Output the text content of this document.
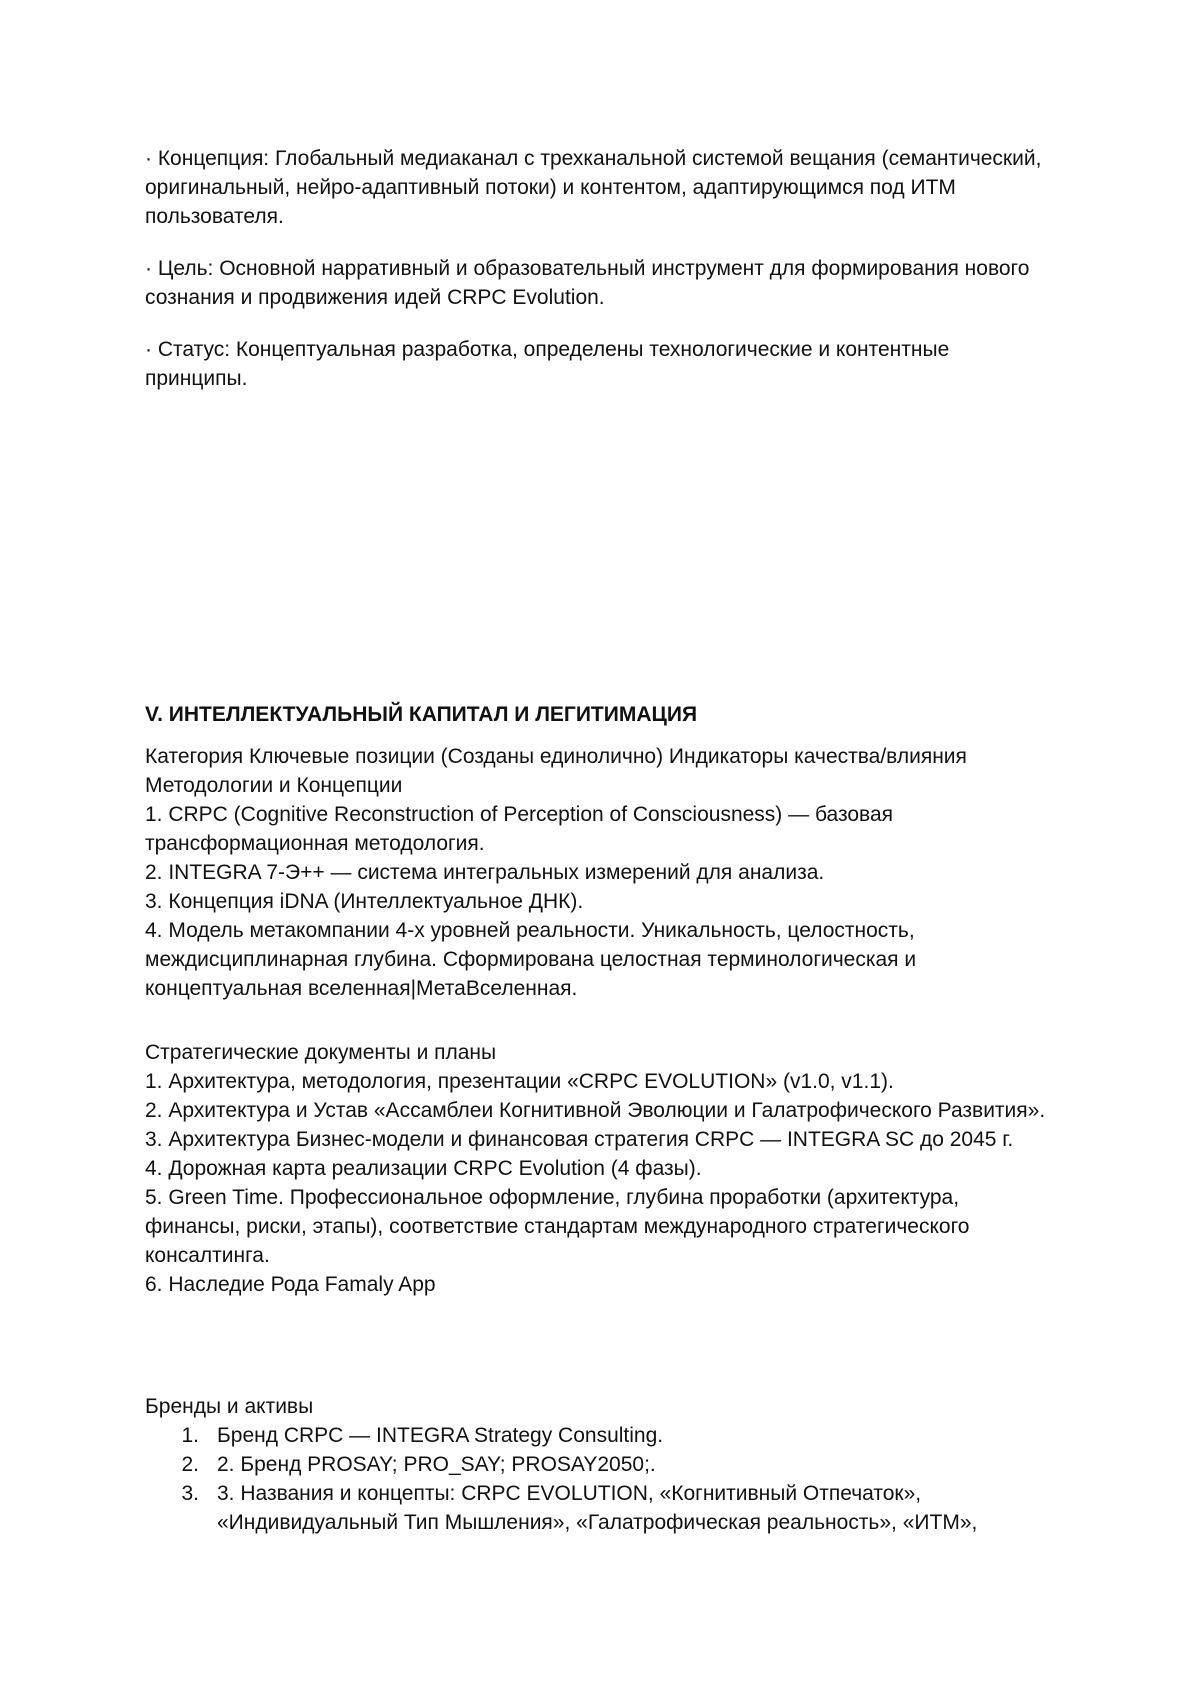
· Концепция: Глобальный медиаканал с трехканальной системой вещания (семантический, оригинальный, нейро-адаптивный потоки) и контентом, адаптирующимся под ИТМ пользователя.

· Цель: Основной нарративный и образовательный инструмент для формирования нового сознания и продвижения идей CRPC Evolution.

· Статус: Концептуальная разработка, определены технологические и контентные принципы.

V. ИНТЕЛЛЕКТУАЛЬНЫЙ КАПИТАЛ И ЛЕГИТИМАЦИЯ
Категория Ключевые позиции (Созданы единолично) Индикаторы качества/влияния Методологии и Концепции
1. CRPC (Cognitive Reconstruction of Perception of Consciousness) — базовая трансформационная методология.
2. INTEGRA 7-Э++ — система интегральных измерений для анализа.
3. Концепция iDNA (Интеллектуальное ДНК).
4. Модель метакомпании 4-х уровней реальности. Уникальность, целостность, междисциплинарная глубина. Сформирована целостная терминологическая и концептуальная вселенная|МетаВселенная.
Стратегические документы и планы
1. Архитектура, методология, презентации «CRPC EVOLUTION» (v1.0, v1.1).
2. Архитектура и Устав «Ассамблеи Когнитивной Эволюции и Галатрофического Развития».
3. Архитектура Бизнес-модели и финансовая стратегия CRPC — INTEGRA SC до 2045 г.
4. Дорожная карта реализации CRPC Evolution (4 фазы).
5. Green Time. Профессиональное оформление, глубина проработки (архитектура, финансы, риски, этапы), соответствие стандартам международного стратегического консалтинга.
6. Наследие Рода Famaly App
Бренды и активы
1. Бренд CRPC — INTEGRA Strategy Consulting.
2. 2. Бренд PROSAY; PRO_SAY; PROSAY2050;.
3. 3. Названия и концепты: CRPC EVOLUTION, «Когнитивный Отпечаток», «Индивидуальный Тип Мышления», «Галатрофическая реальность», «ИТМ»,
